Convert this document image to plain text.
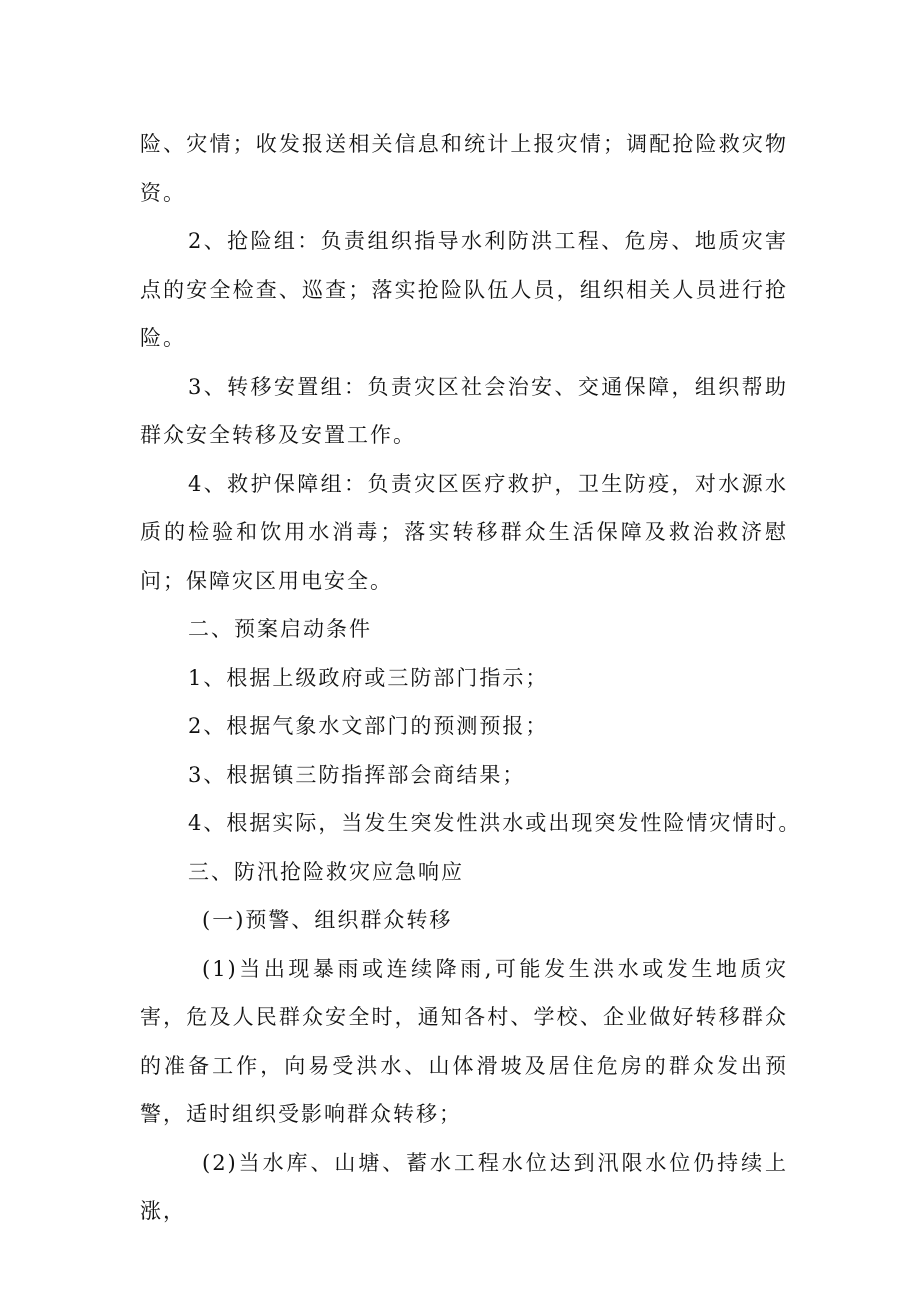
险、灾情；收发报送相关信息和统计上报灾情；调配抢险救灾物资。

2、抢险组：负责组织指导水利防洪工程、危房、地质灾害点的安全检查、巡查；落实抢险队伍人员，组织相关人员进行抢险。

3、转移安置组：负责灾区社会治安、交通保障，组织帮助群众安全转移及安置工作。

4、救护保障组：负责灾区医疗救护，卫生防疫，对水源水质的检验和饮用水消毒；落实转移群众生活保障及救治救济慰问；保障灾区用电安全。

二、预案启动条件

1、根据上级政府或三防部门指示；

2、根据气象水文部门的预测预报；

3、根据镇三防指挥部会商结果；

4、根据实际，当发生突发性洪水或出现突发性险情灾情时。

三、防汛抢险救灾应急响应

(一)预警、组织群众转移

(1)当出现暴雨或连续降雨,可能发生洪水或发生地质灾害，危及人民群众安全时，通知各村、学校、企业做好转移群众的准备工作，向易受洪水、山体滑坡及居住危房的群众发出预警，适时组织受影响群众转移；

(2)当水库、山塘、蓄水工程水位达到汛限水位仍持续上涨，
